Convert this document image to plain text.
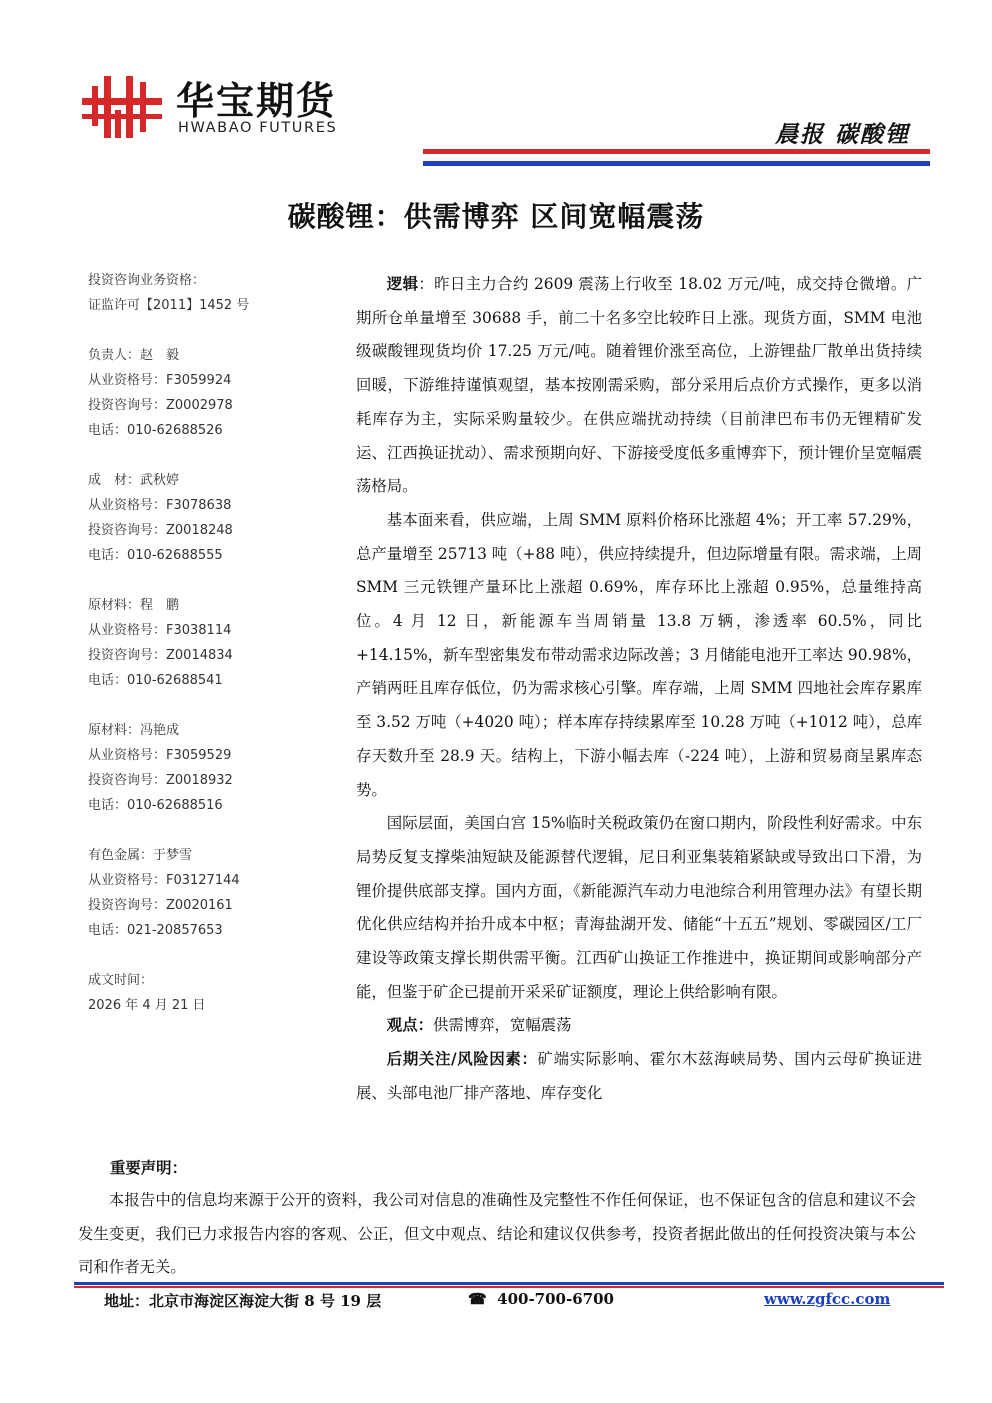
华宝期货
HWABAO FUTURES	晨报 碳酸锂
碳酸锂：供需博弈 区间宽幅震荡
投资咨询业务资格：
证监许可【2011】1452 号
负责人：赵　毅
从业资格号：F3059924
投资咨询号：Z0002978
电话：010-62688526
成　材：武秋婷
从业资格号：F3078638
投资咨询号：Z0018248
电话：010-62688555
原材料：程　鹏
从业资格号：F3038114
投资咨询号：Z0014834
电话：010-62688541
原材料：冯艳成
从业资格号：F3059529
投资咨询号：Z0018932
电话：010-62688516
有色金属：于梦雪
从业资格号：F03127144
投资咨询号：Z0020161
电话：021-20857653
成文时间：
2026 年 4 月 21 日

逻辑：昨日主力合约 2609 震荡上行收至 18.02 万元/吨，成交持仓微增。广期所仓单量增至 30688 手，前二十名多空比较昨日上涨。现货方面，SMM 电池级碳酸锂现货均价 17.25 万元/吨。随着锂价涨至高位，上游锂盐厂散单出货持续回暖，下游维持谨慎观望，基本按刚需采购，部分采用后点价方式操作，更多以消耗库存为主，实际采购量较少。在供应端扰动持续（目前津巴布韦仍无锂精矿发运、江西换证扰动）、需求预期向好、下游接受度低多重博弈下，预计锂价呈宽幅震荡格局。

基本面来看，供应端，上周 SMM 原料价格环比涨超 4%；开工率 57.29%，总产量增至 25713 吨（+88 吨），供应持续提升，但边际增量有限。需求端，上周 SMM 三元铁锂产量环比上涨超 0.69%，库存环比上涨超 0.95%，总量维持高位。4 月 12 日，新能源车当周销量 13.8 万辆，渗透率 60.5%，同比 +14.15%，新车型密集发布带动需求边际改善；3 月储能电池开工率达 90.98%，产销两旺且库存低位，仍为需求核心引擎。库存端，上周 SMM 四地社会库存累库至 3.52 万吨（+4020 吨）；样本库存持续累库至 10.28 万吨（+1012 吨），总库存天数升至 28.9 天。结构上，下游小幅去库（-224 吨），上游和贸易商呈累库态势。

国际层面，美国白宫 15%临时关税政策仍在窗口期内，阶段性利好需求。中东局势反复支撑柴油短缺及能源替代逻辑，尼日利亚集装箱紧缺或导致出口下滑，为锂价提供底部支撑。国内方面，《新能源汽车动力电池综合利用管理办法》有望长期优化供应结构并抬升成本中枢；青海盐湖开发、储能“十五五”规划、零碳园区/工厂建设等政策支撑长期供需平衡。江西矿山换证工作推进中，换证期间或影响部分产能，但鉴于矿企已提前开采采矿证额度，理论上供给影响有限。

观点：供需博弈，宽幅震荡

后期关注/风险因素：矿端实际影响、霍尔木兹海峡局势、国内云母矿换证进展、头部电池厂排产落地、库存变化

重要声明：

本报告中的信息均来源于公开的资料，我公司对信息的准确性及完整性不作任何保证，也不保证包含的信息和建议不会发生变更，我们已力求报告内容的客观、公正，但文中观点、结论和建议仅供参考，投资者据此做出的任何投资决策与本公司和作者无关。

地址：北京市海淀区海淀大街 8 号 19 层	☎ 400-700-6700	www.zgfcc.com
